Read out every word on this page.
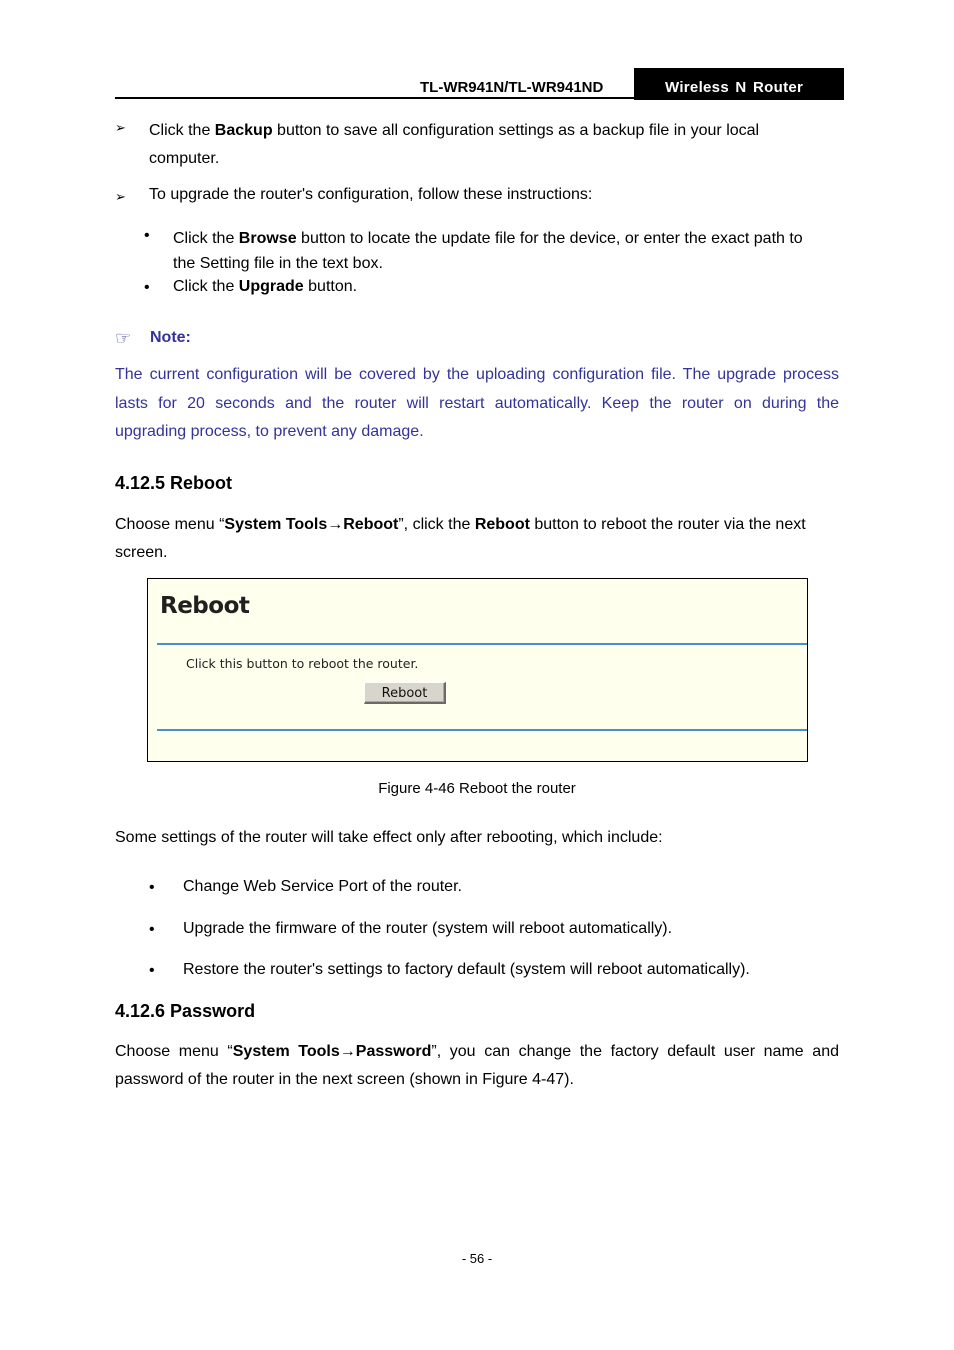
TL-WR941N/TL-WR941ND	Wireless N Router
➢ Click the Backup button to save all configuration settings as a backup file in your local
computer.
➢ To upgrade the router's configuration, follow these instructions:
• Click the Browse button to locate the update file for the device, or enter the exact path to
the Setting file in the text box.
• Click the Upgrade button.
☞ Note:
The current configuration will be covered by the uploading configuration file. The upgrade process
lasts for 20 seconds and the router will restart automatically. Keep the router on during the
upgrading process, to prevent any damage.
4.12.5 Reboot
Choose menu “System Tools→Reboot”, click the Reboot button to reboot the router via the next
screen.
Reboot
Click this button to reboot the router.
Reboot
Figure 4-46 Reboot the router
Some settings of the router will take effect only after rebooting, which include:
• Change Web Service Port of the router.
• Upgrade the firmware of the router (system will reboot automatically).
• Restore the router's settings to factory default (system will reboot automatically).
4.12.6 Password
Choose menu “System Tools→Password”, you can change the factory default user name and
password of the router in the next screen (shown in Figure 4-47).
- 56 -
